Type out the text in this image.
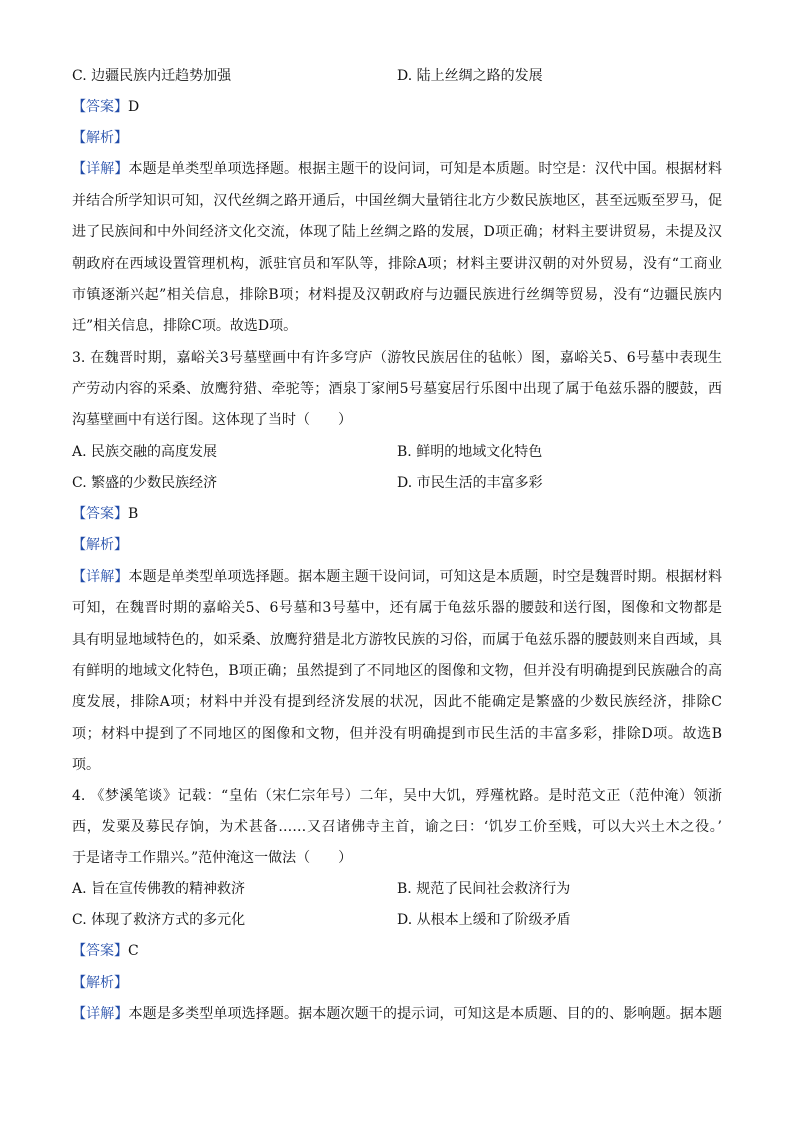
C. 边疆民族内迁趋势加强	D. 陆上丝绸之路的发展
【答案】D
【解析】
【详解】本题是单类型单项选择题。根据主题干的设问词，可知是本质题。时空是：汉代中国。根据材料
并结合所学知识可知，汉代丝绸之路开通后，中国丝绸大量销往北方少数民族地区，甚至远贩至罗马，促
进了民族间和中外间经济文化交流，体现了陆上丝绸之路的发展，D项正确；材料主要讲贸易，未提及汉
朝政府在西域设置管理机构，派驻官员和军队等，排除A项；材料主要讲汉朝的对外贸易，没有“工商业
市镇逐渐兴起”相关信息，排除B项；材料提及汉朝政府与边疆民族进行丝绸等贸易，没有“边疆民族内
迁”相关信息，排除C项。故选D项。
3. 在魏晋时期，嘉峪关3号墓壁画中有许多穹庐（游牧民族居住的毡帐）图，嘉峪关5、6号墓中表现生
产劳动内容的采桑、放鹰狩猎、牵驼等；酒泉丁家闸5号墓宴居行乐图中出现了属于龟兹乐器的腰鼓，西
沟墓壁画中有送行图。这体现了当时（　　）
A. 民族交融的高度发展	B. 鲜明的地域文化特色
C. 繁盛的少数民族经济	D. 市民生活的丰富多彩
【答案】B
【解析】
【详解】本题是单类型单项选择题。据本题主题干设问词，可知这是本质题，时空是魏晋时期。根据材料
可知，在魏晋时期的嘉峪关5、6号墓和3号墓中，还有属于龟兹乐器的腰鼓和送行图，图像和文物都是
具有明显地域特色的，如采桑、放鹰狩猎是北方游牧民族的习俗，而属于龟兹乐器的腰鼓则来自西域，具
有鲜明的地域文化特色，B项正确；虽然提到了不同地区的图像和文物，但并没有明确提到民族融合的高
度发展，排除A项；材料中并没有提到经济发展的状况，因此不能确定是繁盛的少数民族经济，排除C
项；材料中提到了不同地区的图像和文物，但并没有明确提到市民生活的丰富多彩，排除D项。故选B
项。
4. 《梦溪笔谈》记载：“皇佑（宋仁宗年号）二年，吴中大饥，殍殣枕路。是时范文正（范仲淹）领浙
西，发粟及募民存饷，为术甚备……又召诸佛寺主首，谕之曰：‘饥岁工价至贱，可以大兴土木之役。’
于是诸寺工作鼎兴。”范仲淹这一做法（　　）
A. 旨在宣传佛教的精神救济	B. 规范了民间社会救济行为
C. 体现了救济方式的多元化	D. 从根本上缓和了阶级矛盾
【答案】C
【解析】
【详解】本题是多类型单项选择题。据本题次题干的提示词，可知这是本质题、目的的、影响题。据本题
